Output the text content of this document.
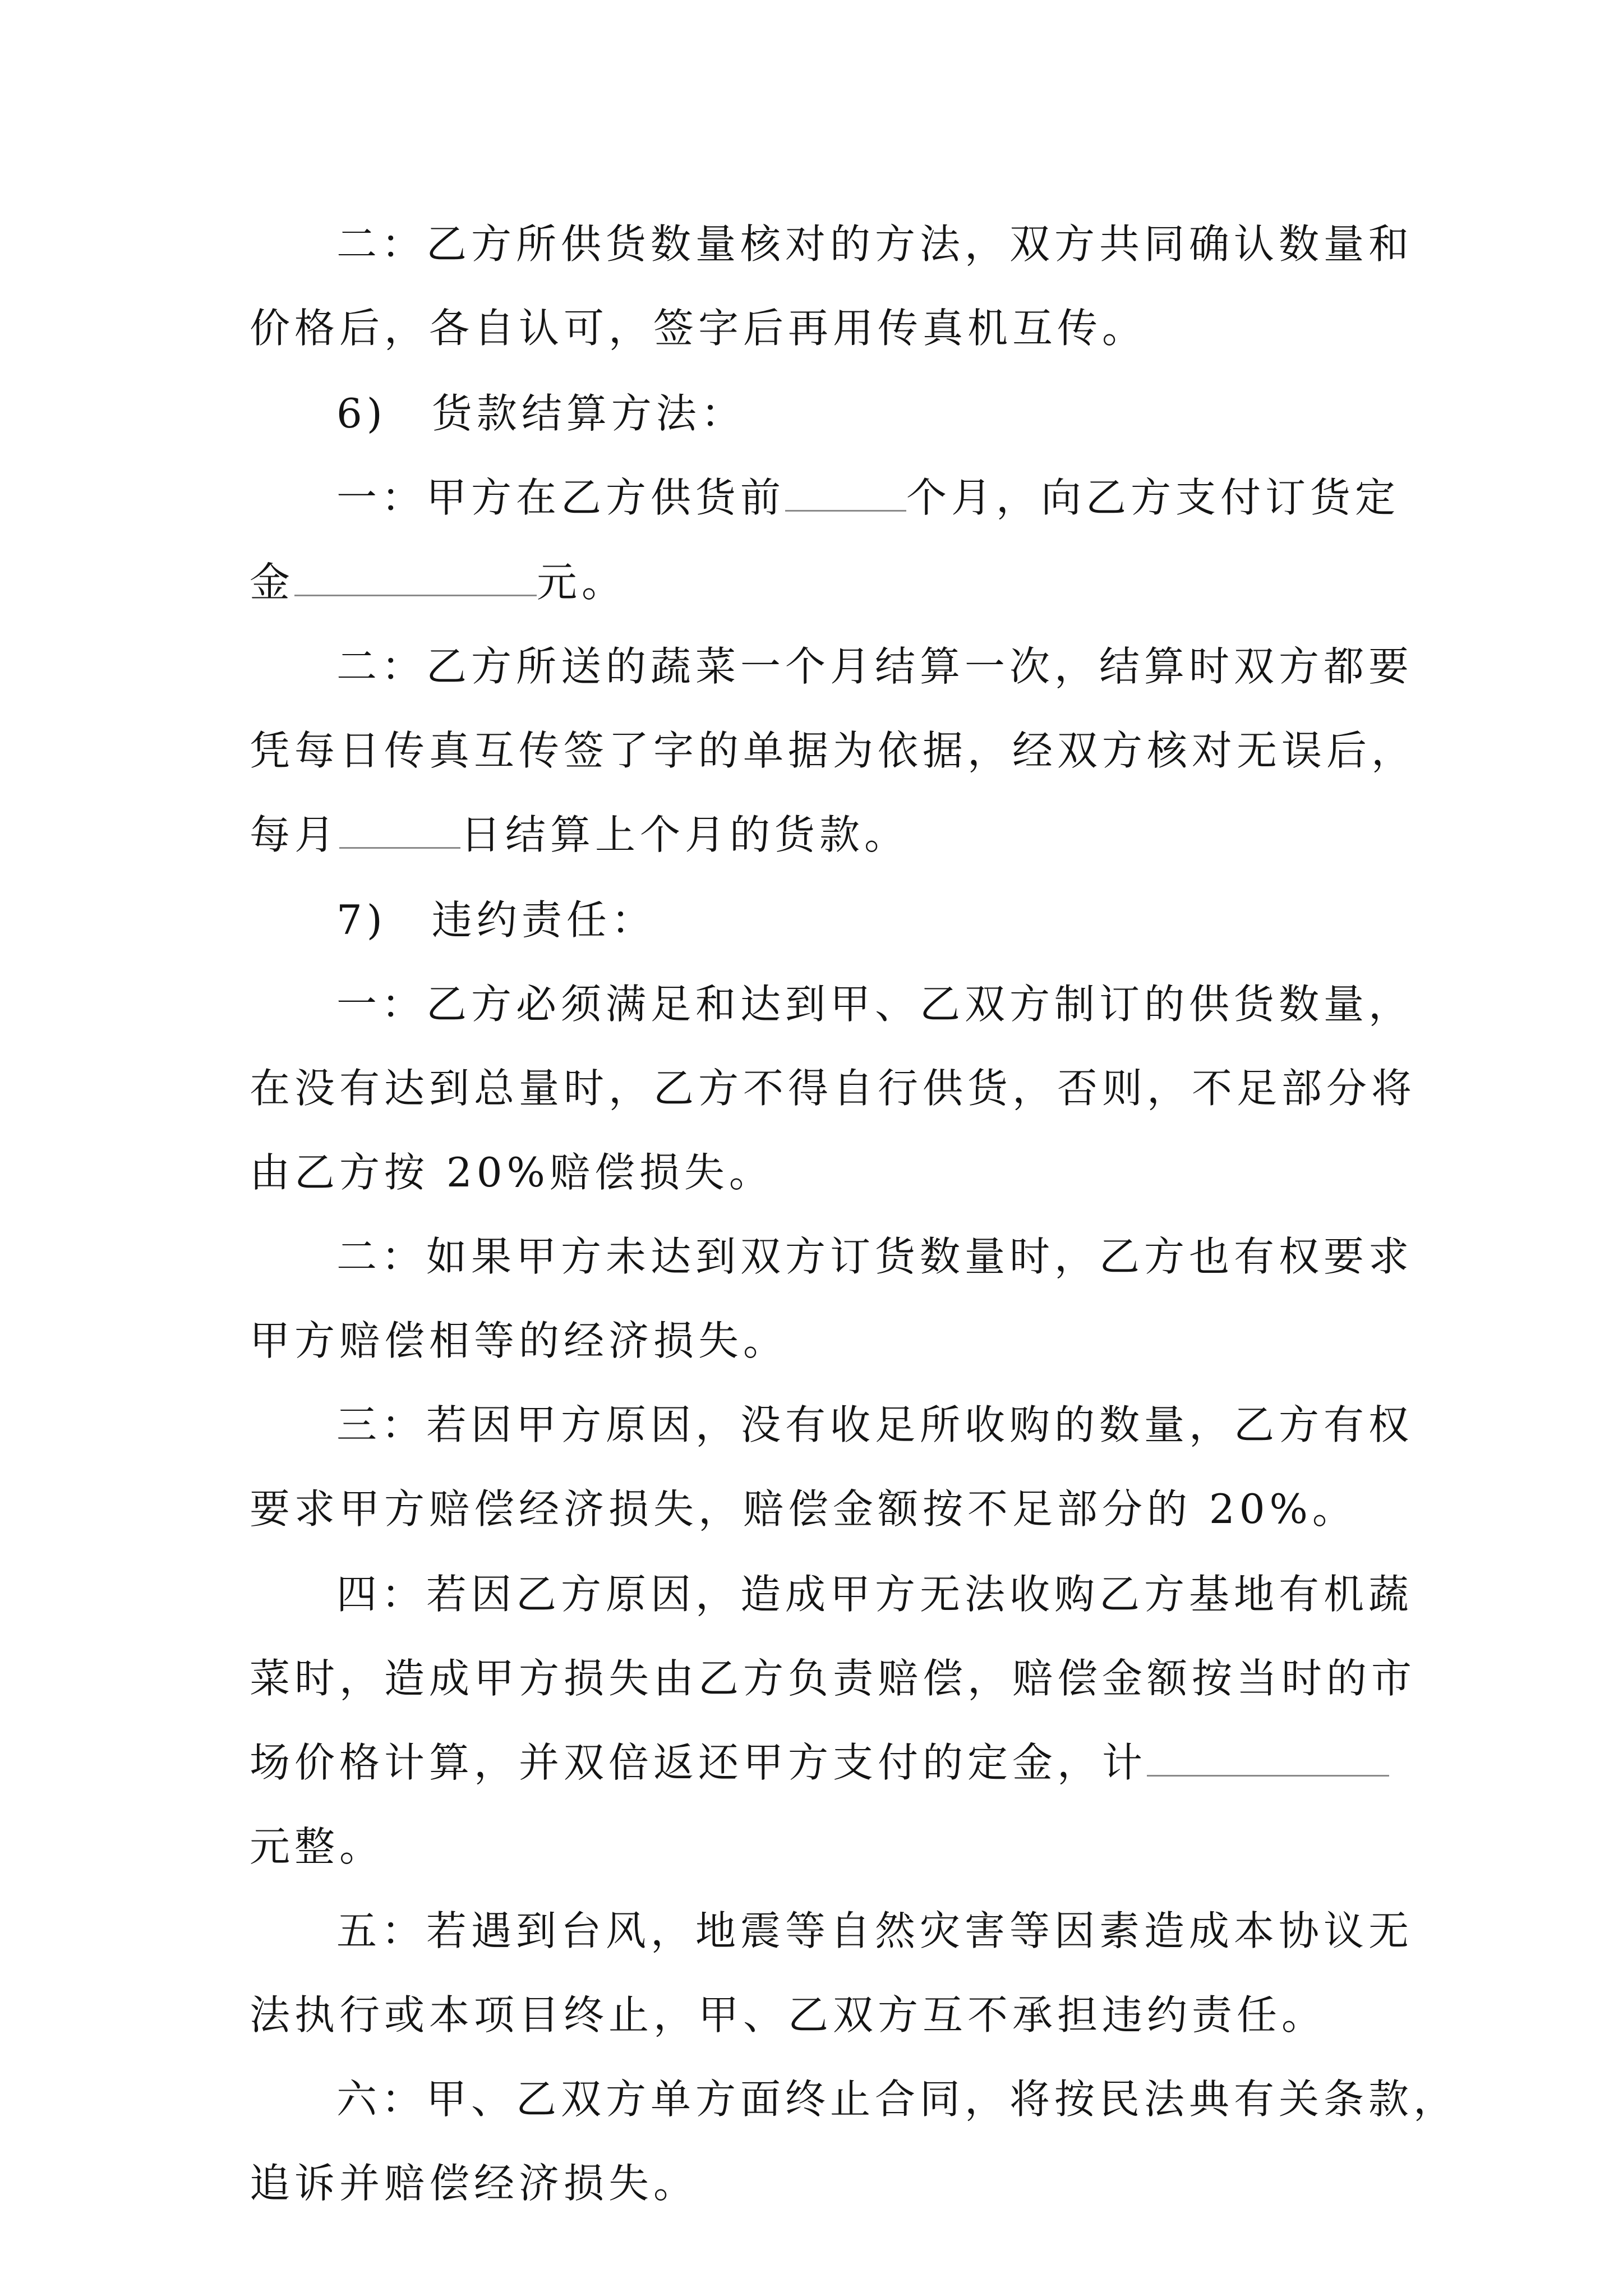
二：乙方所供货数量核对的方法，双方共同确认数量和
价格后，各自认可，签字后再用传真机互传。
6)　货款结算方法：
一：甲方在乙方供货前	个月，向乙方支付订货定
金	元。
二：乙方所送的蔬菜一个月结算一次，结算时双方都要
凭每日传真互传签了字的单据为依据，经双方核对无误后，
每月	日结算上个月的货款。
7)　违约责任：
一：乙方必须满足和达到甲、乙双方制订的供货数量，
在没有达到总量时，乙方不得自行供货，否则，不足部分将
由乙方按 20%赔偿损失。
二：如果甲方未达到双方订货数量时，乙方也有权要求
甲方赔偿相等的经济损失。
三：若因甲方原因，没有收足所收购的数量，乙方有权
要求甲方赔偿经济损失，赔偿金额按不足部分的 20%。
四：若因乙方原因，造成甲方无法收购乙方基地有机蔬
菜时，造成甲方损失由乙方负责赔偿，赔偿金额按当时的市
场价格计算，并双倍返还甲方支付的定金，计
元整。
五：若遇到台风，地震等自然灾害等因素造成本协议无
法执行或本项目终止，甲、乙双方互不承担违约责任。
六：甲、乙双方单方面终止合同，将按民法典有关条款，
追诉并赔偿经济损失。
